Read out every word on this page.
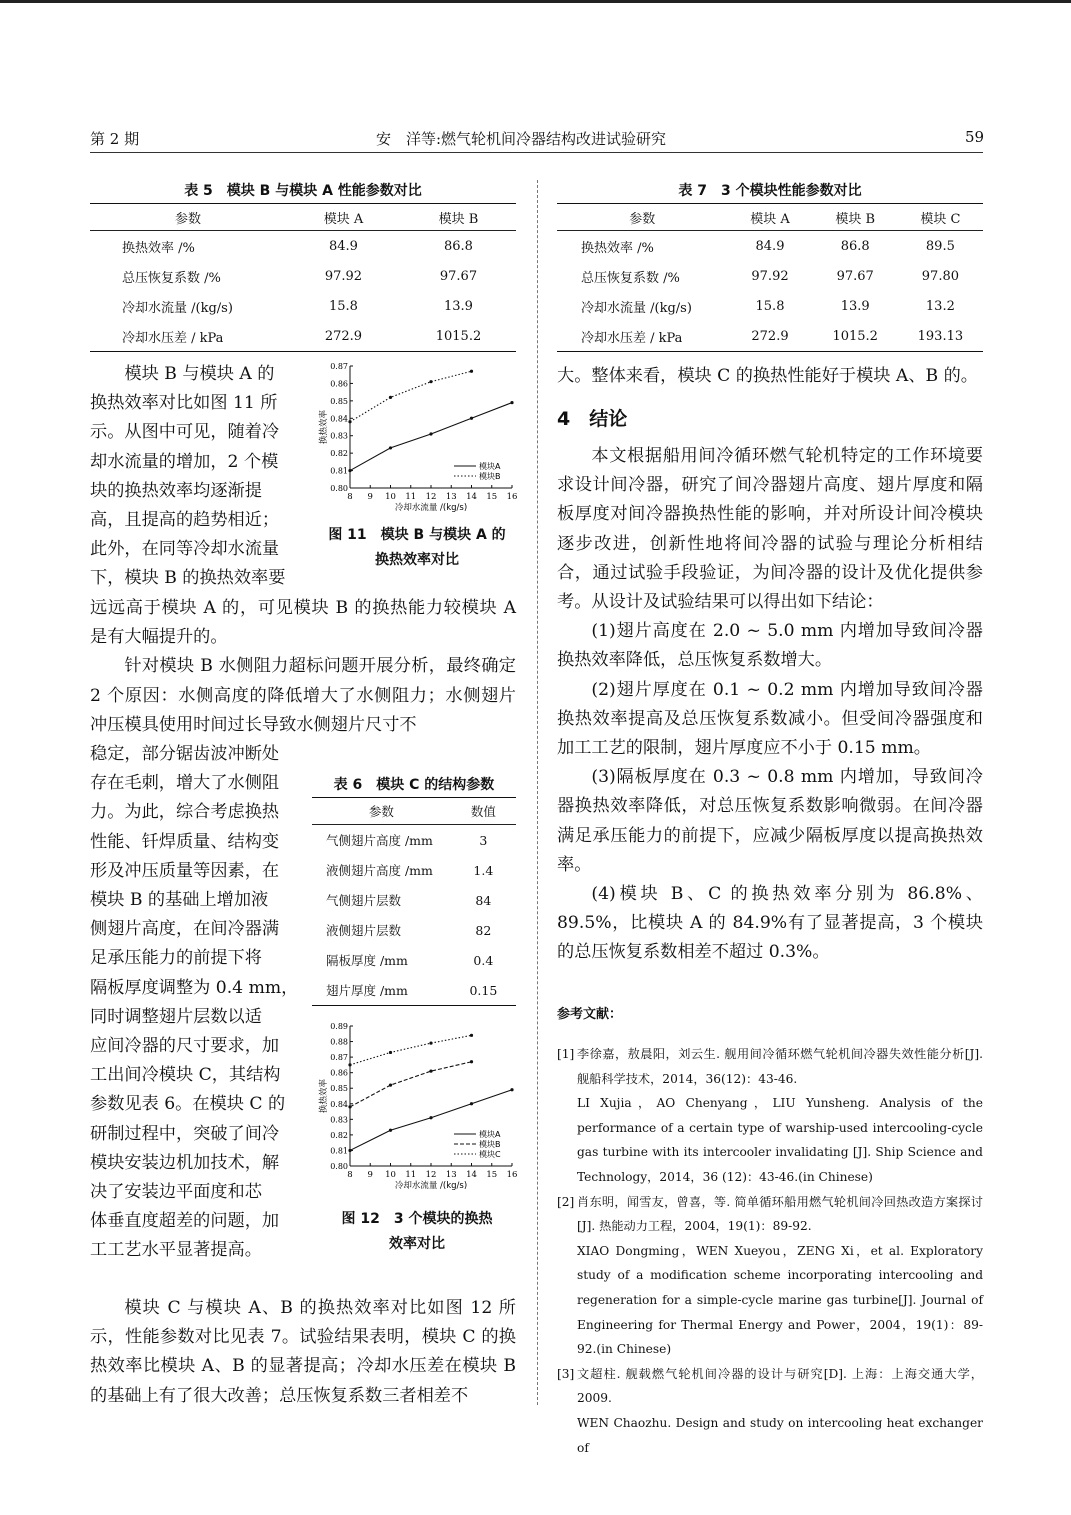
第 2 期	安　洋等:燃气轮机间冷器结构改进试验研究	59
表 5　模块 B 与模块 A 性能参数对比
参数	模块 A	模块 B
换热效率 /%	84.9	86.8
总压恢复系数 /%	97.92	97.67
冷却水流量 /(kg/s)	15.8	13.9
冷却水压差 / kPa	272.9	1015.2
表 7　3 个模块性能参数对比
参数	模块 A	模块 B	模块 C
换热效率 /%	84.9	86.8	89.5
总压恢复系数 /%	97.92	97.67	97.80
冷却水流量 /(kg/s)	15.8	13.9	13.2
冷却水压差 / kPa	272.9	1015.2	193.13

模块 B 与模块 A 的

换热效率对比如图 11 所

示。从图中可见，随着冷

却水流量的增加，2 个模

块的换热效率均逐渐提

高，且提高的趋势相近；

此外，在同等冷却水流量

下，模块 B 的换热效率要

远远高于模块 A 的，可见模块 B 的换热能力较模块 A 是有大幅提升的。

针对模块 B 水侧阻力超标问题开展分析，最终确定 2 个原因：水侧高度的降低增大了水侧阻力；水侧翅片冲压模具使用时间过长导致水侧翅片尺寸不

稳定，部分锯齿波冲断处

存在毛刺，增大了水侧阻

力。为此，综合考虑换热

性能、钎焊质量、结构变

形及冲压质量等因素，在

模块 B 的基础上增加液

侧翅片高度，在间冷器满

足承压能力的前提下将

隔板厚度调整为 0.4 mm，

同时调整翅片层数以适

应间冷器的尺寸要求，加

工出间冷模块 C，其结构

参数见表 6。在模块 C 的

研制过程中，突破了间冷

模块安装边机加技术，解

决了安装边平面度和芯

体垂直度超差的问题，加

工工艺水平显著提高。

模块 C 与模块 A、B 的换热效率对比如图 12 所示，性能参数对比见表 7。试验结果表明，模块 C 的换热效率比模块 A、B 的显著提高；冷却水压差在模块 B 的基础上有了很大改善；总压恢复系数三者相差不

0.80
0.81
0.82
0.83
0.84
0.85
0.86
0.87
8 9 10 11 12 13 14 15 16
冷却水流量 /(kg/s)
换热效率
模块A
模块B
图 11　模块 B 与模块 A 的
换热效率对比
表 6　模块 C 的结构参数
参数	数值
气侧翅片高度 /mm	3
液侧翅片高度 /mm	1.4
气侧翅片层数	84
液侧翅片层数	82
隔板厚度 /mm	0.4
翅片厚度 /mm	0.15
0.80
0.81
0.82
0.83
0.84
0.85
0.86
0.87
0.88
0.89
8 9 10 11 12 13 14 15 16
冷却水流量 /(kg/s)
换热效率
模块A
模块B
模块C
图 12　3 个模块的换热
效率对比

大。整体来看，模块 C 的换热性能好于模块 A、B 的。

4　结论

本文根据船用间冷循环燃气轮机特定的工作环境要求设计间冷器，研究了间冷器翅片高度、翅片厚度和隔板厚度对间冷器换热性能的影响，并对所设计间冷模块逐步改进，创新性地将间冷器的试验与理论分析相结合，通过试验手段验证，为间冷器的设计及优化提供参考。从设计及试验结果可以得出如下结论：

(1)翅片高度在 2.0 ~ 5.0 mm 内增加导致间冷器换热效率降低，总压恢复系数增大。

(2)翅片厚度在 0.1 ~ 0.2 mm 内增加导致间冷器换热效率提高及总压恢复系数减小。但受间冷器强度和加工工艺的限制，翅片厚度应不小于 0.15 mm。

(3)隔板厚度在 0.3 ~ 0.8 mm 内增加，导致间冷器换热效率降低，对总压恢复系数影响微弱。在间冷器满足承压能力的前提下，应减少隔板厚度以提高换热效率。

(4)模块 B、C 的换热效率分别为 86.8%、89.5%，比模块 A 的 84.9%有了显著提高，3 个模块的总压恢复系数相差不超过 0.3%。

参考文献：

[1] 李徐嘉，敖晨阳，刘云生. 舰用间冷循环燃气轮机间冷器失效性能分析[J]. 舰船科学技术，2014，36(12)：43-46.
LI Xujia，AO Chenyang，LIU Yunsheng. Analysis of the performance of a certain type of warship-used intercooling-cycle gas turbine with its intercooler invalidating [J]. Ship Science and Technology，2014，36 (12)：43-46.(in Chinese)

[2] 肖东明，闻雪友，曾喜，等. 简单循环船用燃气轮机间冷回热改造方案探讨[J]. 热能动力工程，2004，19(1)：89-92.
XIAO Dongming，WEN Xueyou，ZENG Xi，et al. Exploratory study of a modification scheme incorporating intercooling and regeneration for a simple-cycle marine gas turbine[J]. Journal of Engineering for Thermal Energy and Power，2004，19(1)：89-92.(in Chinese)

[3] 文超柱. 舰载燃气轮机间冷器的设计与研究[D]. 上海：上海交通大学，2009.
WEN Chaozhu. Design and study on intercooling heat exchanger of
